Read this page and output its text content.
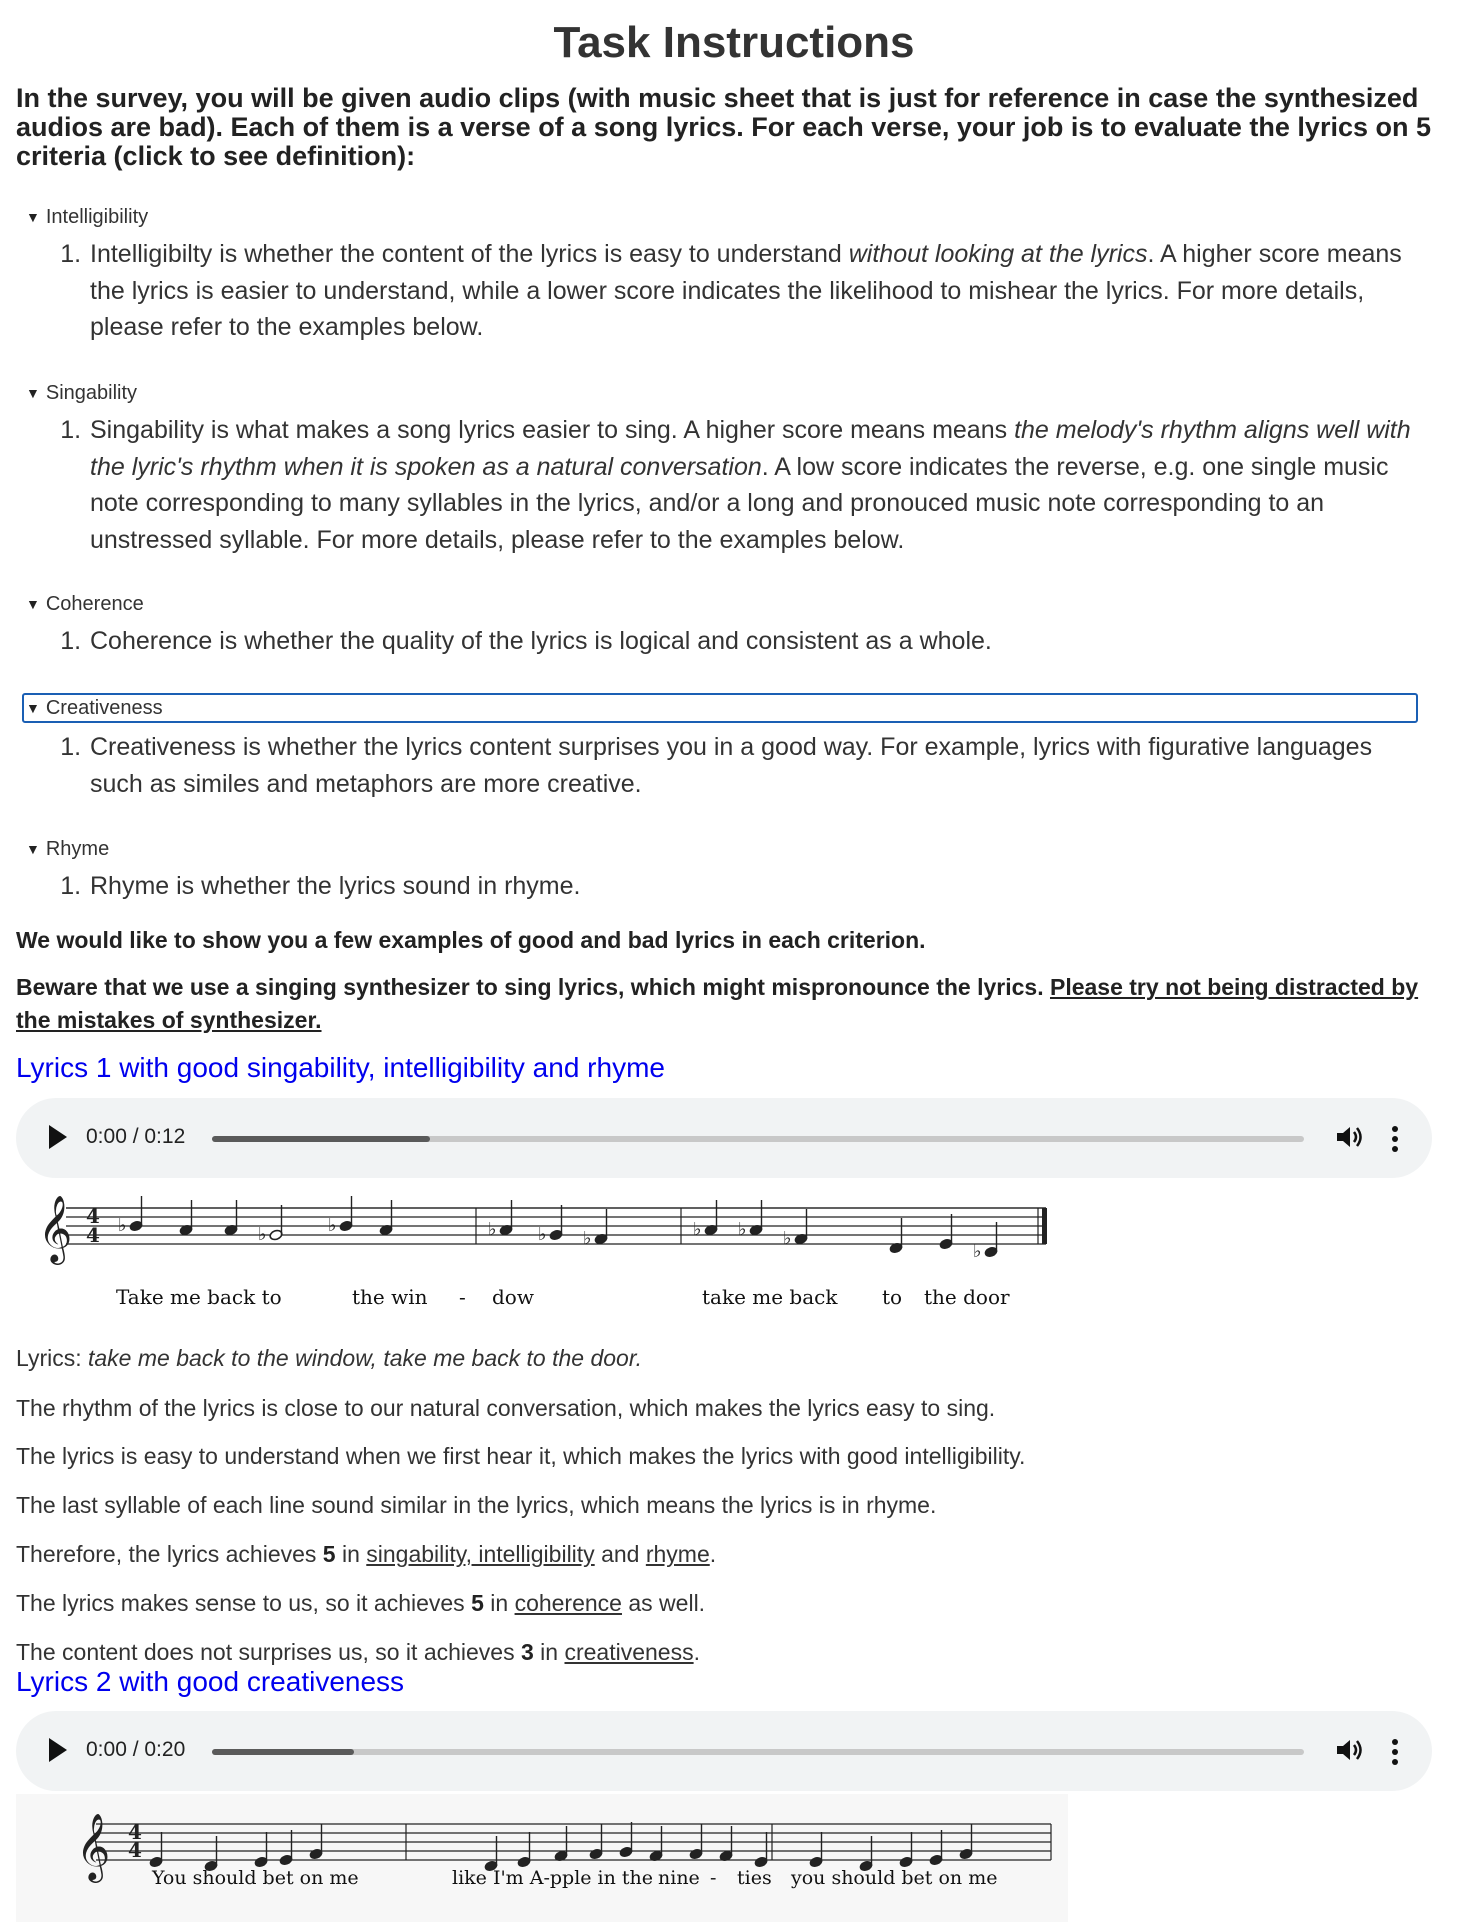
Task Instructions

In the survey, you will be given audio clips (with music sheet that is just for reference in case the synthesized audios are bad). Each of them is a verse of a song lyrics. For each verse, your job is to evaluate the lyrics on 5 criteria (click to see definition):

▼ Intelligibility
1. Intelligibilty is whether the content of the lyrics is easy to understand without looking at the lyrics. A higher score means the lyrics is easier to understand, while a lower score indicates the likelihood to mishear the lyrics. For more details, please refer to the examples below.
▼ Singability
1. Singability is what makes a song lyrics easier to sing. A higher score means means the melody's rhythm aligns well with the lyric's rhythm when it is spoken as a natural conversation. A low score indicates the reverse, e.g. one single music note corresponding to many syllables in the lyrics, and/or a long and pronouced music note corresponding to an unstressed syllable. For more details, please refer to the examples below.
▼ Coherence
1. Coherence is whether the quality of the lyrics is logical and consistent as a whole.
▼ Creativeness
1. Creativeness is whether the lyrics content surprises you in a good way. For example, lyrics with figurative languages such as similes and metaphors are more creative.
▼ Rhyme
1. Rhyme is whether the lyrics sound in rhyme.

We would like to show you a few examples of good and bad lyrics in each criterion.

Beware that we use a singing synthesizer to sing lyrics, which might mispronounce the lyrics. Please try not being distracted by the mistakes of synthesizer.

Lyrics 1 with good singability, intelligibility and rhyme
0:00 / 0:12
𝄞 4
4 ♭	♭	♭	♭ ♭ ♭	♭ ♭ ♭
♭
Take me back to	the win - dow	take me back to the door

Lyrics: take me back to the window, take me back to the door.

The rhythm of the lyrics is close to our natural conversation, which makes the lyrics easy to sing.

The lyrics is easy to understand when we first hear it, which makes the lyrics with good intelligibility.

The last syllable of each line sound similar in the lyrics, which means the lyrics is in rhyme.

Therefore, the lyrics achieves 5 in singability, intelligibility and rhyme.

The lyrics makes sense to us, so it achieves 5 in coherence as well.

The content does not surprises us, so it achieves 3 in creativeness.

Lyrics 2 with good creativeness
0:00 / 0:20
𝄞 4
4
You should bet on me	like I'm A-pple in the nine - ties you should bet on me
